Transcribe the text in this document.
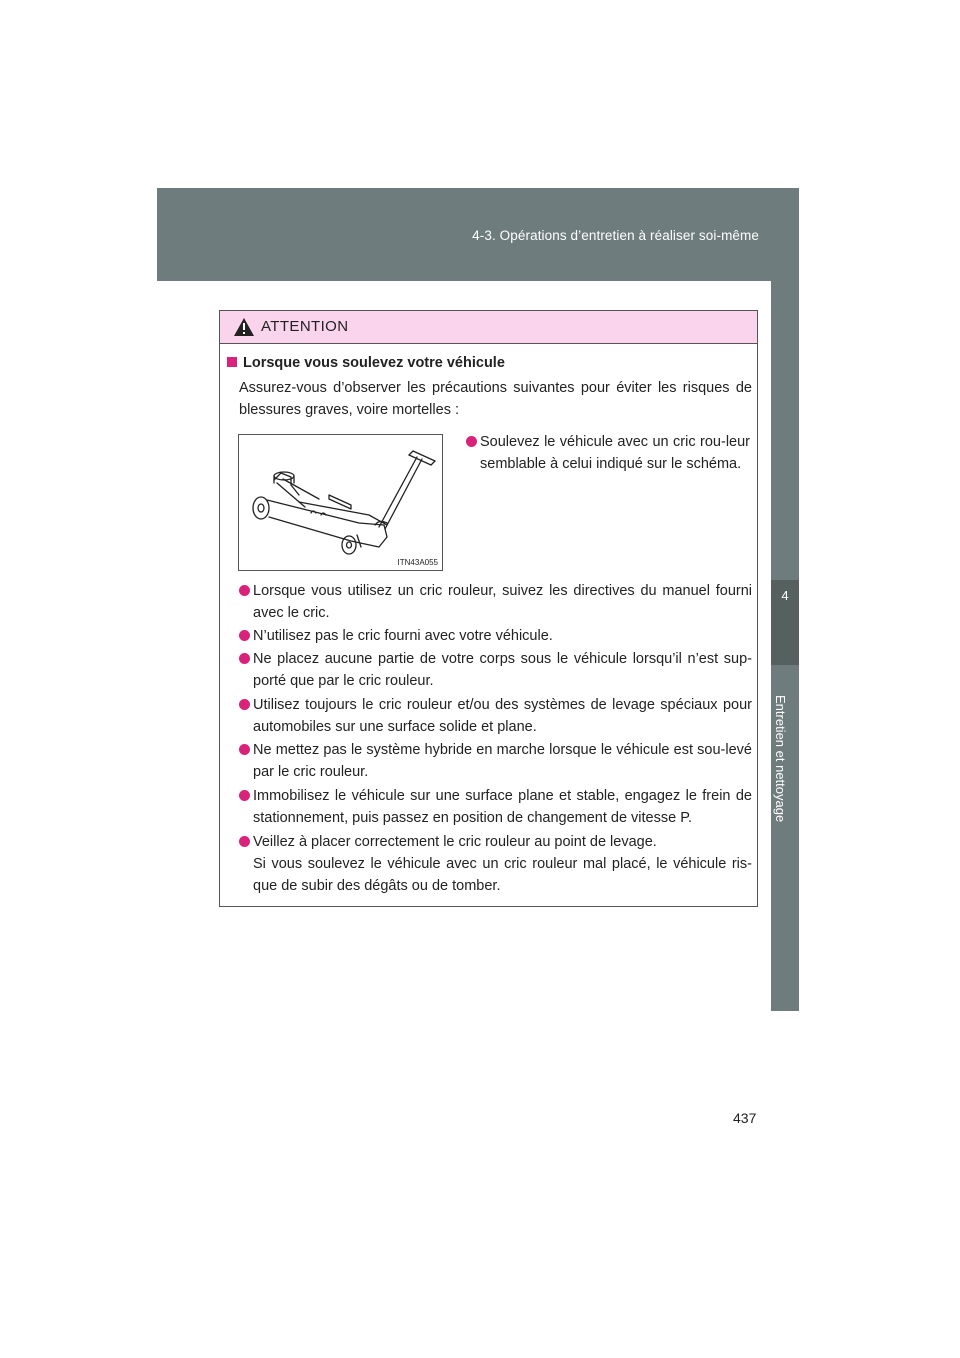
4-3. Opérations d’entretien à réaliser soi-même
4
Entretien et nettoyage
ATTENTION
Lorsque vous soulevez votre véhicule
Assurez-vous d’observer les précautions suivantes pour éviter les risques de blessures graves, voire mortelles :
ITN43A055
Soulevez le véhicule avec un cric rou-leur semblable à celui indiqué sur le schéma.
Lorsque vous utilisez un cric rouleur, suivez les directives du manuel fourni avec le cric.
N’utilisez pas le cric fourni avec votre véhicule.
Ne placez aucune partie de votre corps sous le véhicule lorsqu’il n’est sup-porté que par le cric rouleur.
Utilisez toujours le cric rouleur et/ou des systèmes de levage spéciaux pour automobiles sur une surface solide et plane.
Ne mettez pas le système hybride en marche lorsque le véhicule est sou-levé par le cric rouleur.
Immobilisez le véhicule sur une surface plane et stable, engagez le frein de stationnement, puis passez en position de changement de vitesse P.
Veillez à placer correctement le cric rouleur au point de levage.
Si vous soulevez le véhicule avec un cric rouleur mal placé, le véhicule ris-que de subir des dégâts ou de tomber.
437
